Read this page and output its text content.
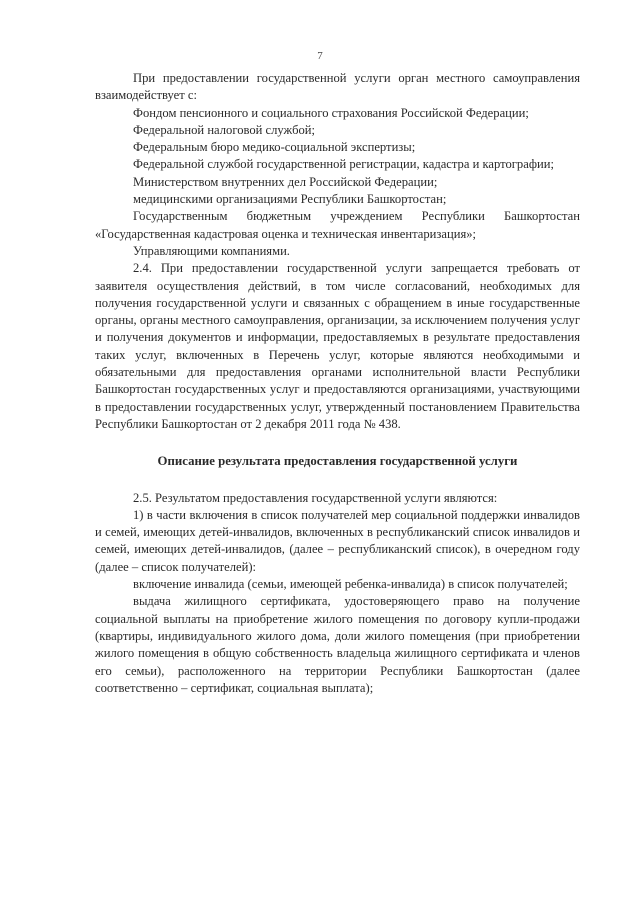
7

При предоставлении государственной услуги орган местного самоуправления взаимодействует с:

Фондом пенсионного и социального страхования Российской Федерации;

Федеральной налоговой службой;

Федеральным бюро медико-социальной экспертизы;

Федеральной службой государственной регистрации, кадастра и картографии;

Министерством внутренних дел Российской Федерации;

медицинскими организациями Республики Башкортостан;

Государственным бюджетным учреждением Республики Башкортостан «Государственная кадастровая оценка и техническая инвентаризация»;

Управляющими компаниями.

2.4. При предоставлении государственной услуги запрещается требовать от заявителя осуществления действий, в том числе согласований, необходимых для получения государственной услуги и связанных с обращением в иные государственные органы, органы местного самоуправления, организации, за исключением получения услуг и получения документов и информации, предоставляемых в результате предоставления таких услуг, включенных в Перечень услуг, которые являются необходимыми и обязательными для предоставления органами исполнительной власти Республики Башкортостан государственных услуг и предоставляются организациями, участвующими в предоставлении государственных услуг, утвержденный постановлением Правительства Республики Башкортостан от 2 декабря 2011 года № 438.

Описание результата предоставления государственной услуги

2.5. Результатом предоставления государственной услуги являются:

1) в части включения в список получателей мер социальной поддержки инвалидов и семей, имеющих детей-инвалидов, включенных в республиканский список инвалидов и семей, имеющих детей-инвалидов, (далее – республиканский список), в очередном году (далее – список получателей):

включение инвалида (семьи, имеющей ребенка-инвалида) в список получателей;

выдача жилищного сертификата, удостоверяющего право на получение социальной выплаты на приобретение жилого помещения по договору купли-продажи (квартиры, индивидуального жилого дома, доли жилого помещения (при приобретении жилого помещения в общую собственность владельца жилищного сертификата и членов его семьи), расположенного на территории Республики Башкортостан (далее соответственно – сертификат, социальная выплата);
